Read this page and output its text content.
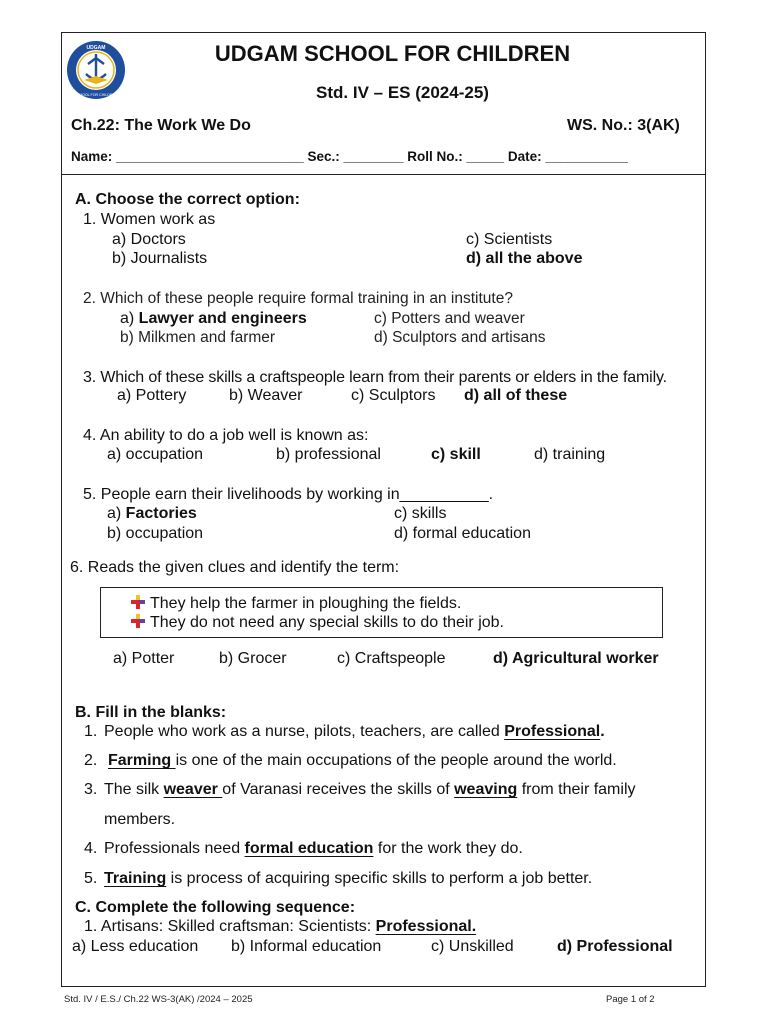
UDGAM
SCHOOL FOR CHILDREN
UDGAM SCHOOL FOR CHILDREN
Std. IV – ES (2024-25)
Ch.22: The Work We Do	WS. No.: 3(AK)
Name: _________________________ Sec.: ________ Roll No.: _____ Date: ___________
A. Choose the correct option:
1. Women work as
a) Doctors
b) Journalists
c) Scientists
d) all the above
2. Which of these people require formal training in an institute?
a) Lawyer and engineers
b) Milkmen and farmer
c) Potters and weaver
d) Sculptors and artisans
3. Which of these skills a craftspeople learn from their parents or elders in the family.
a) Pottery	b) Weaver	c) Sculptors d) all of these
4. An ability to do a job well is known as:
a) occupation	b) professional	c) skill	d) training
5. People earn their livelihoods by working in__________.
a) Factories
b) occupation
c) skills
d) formal education
6. Reads the given clues and identify the term:
They help the farmer in ploughing the fields.
They do not need any special skills to do their job.
a) Potter	b) Grocer	c) Craftspeople	d) Agricultural worker
B. Fill in the blanks:
1. People who work as a nurse, pilots, teachers, are called Professional.
2. Farming is one of the main occupations of the people around the world.
3. The silk weaver of Varanasi receives the skills of weaving from their family
members.
4. Professionals need formal education for the work they do.
5. Training is process of acquiring specific skills to perform a job better.
C. Complete the following sequence:
1. Artisans: Skilled craftsman: Scientists: Professional.
a) Less education b) Informal education	c) Unskilled	d) Professional
Std. IV / E.S./ Ch.22 WS-3(AK) /2024 – 2025	Page 1 of 2
